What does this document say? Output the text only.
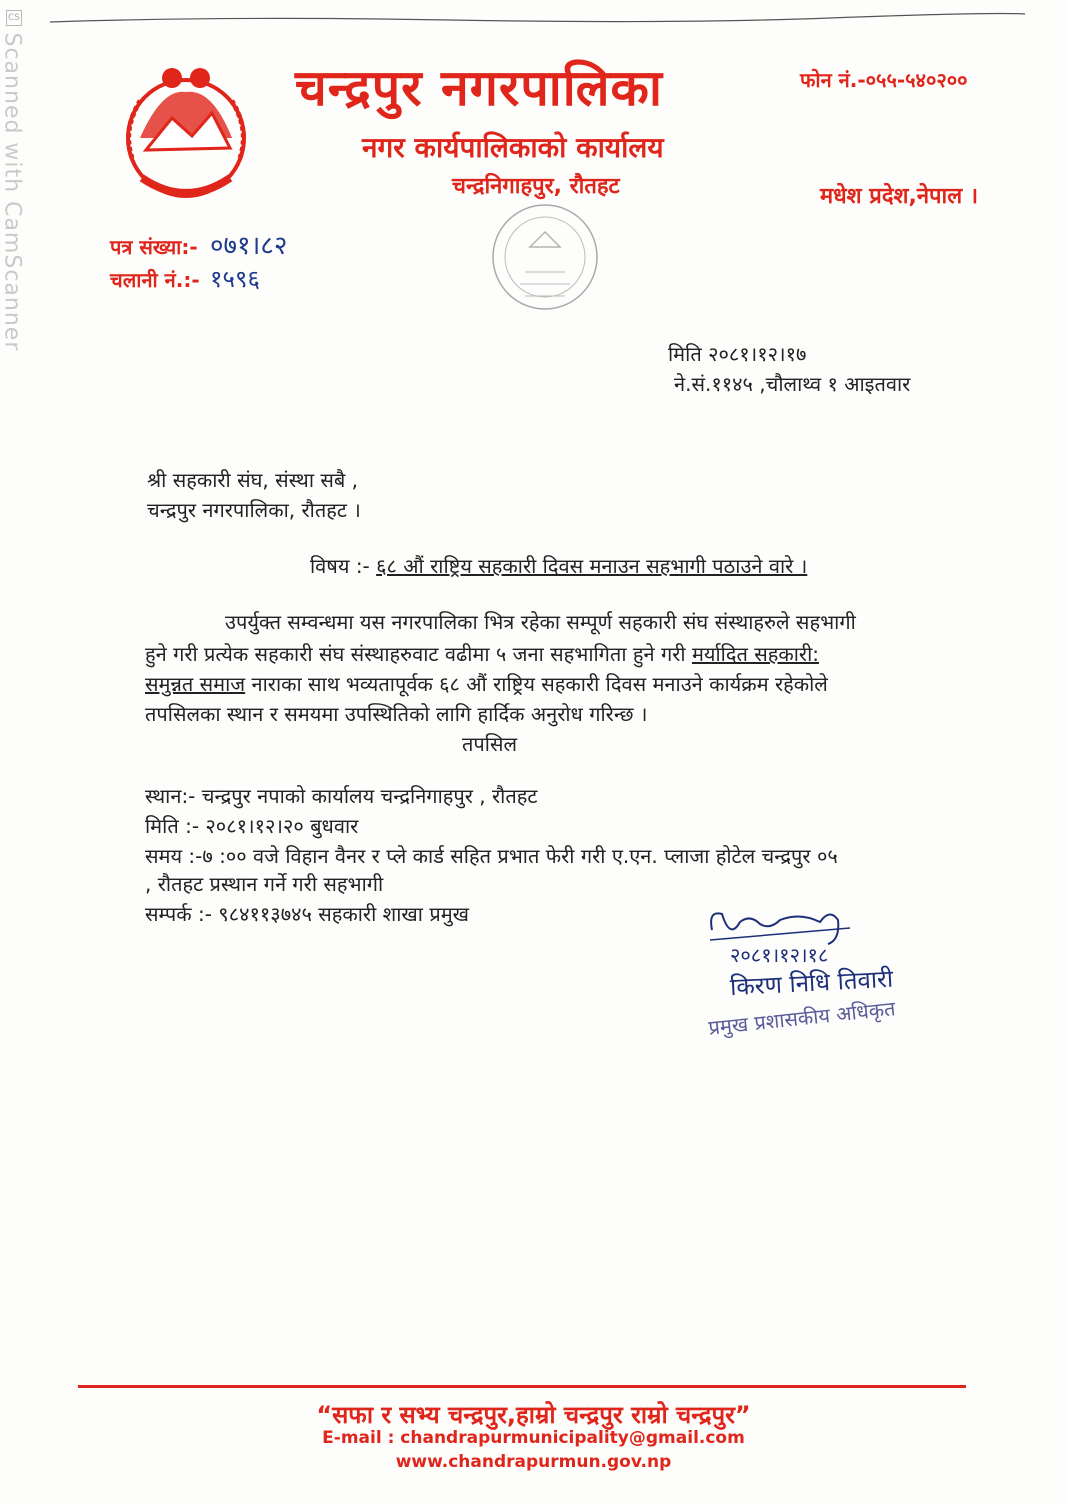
CS
Scanned with CamScanner	चन्द्रपुर नगरपालिका
नगर कार्यपालिकाको कार्यालय
चन्द्रनिगाहपुर, रौतहट
फोन नं.-०५५-५४०२००
मधेश प्रदेश,नेपाल ।
पत्र संख्या:- ०७१।८२
चलानी नं.:- १५९६
मिति २०८१।१२।१७
ने.सं.११४५ ,चौलाथ्व १ आइतवार
श्री सहकारी संघ, संस्था सबै ,
चन्द्रपुर नगरपालिका, रौतहट ।
विषय :- ६८ औं राष्ट्रिय सहकारी दिवस मनाउन सहभागी पठाउने वारे ।
उपर्युक्त सम्वन्धमा यस नगरपालिका भित्र रहेका सम्पूर्ण सहकारी संघ संस्थाहरुले सहभागी
हुने गरी प्रत्येक सहकारी संघ संस्थाहरुवाट वढीमा ५ जना सहभागिता हुने गरी मर्यादित सहकारी:
समुन्नत समाज नाराका साथ भव्यतापूर्वक ६८ औं राष्ट्रिय सहकारी दिवस मनाउने कार्यक्रम रहेकोले
तपसिलका स्थान र समयमा उपस्थितिको लागि हार्दिक अनुरोध गरिन्छ ।
तपसिल
स्थान:- चन्द्रपुर नपाको कार्यालय चन्द्रनिगाहपुर , रौतहट
मिति :- २०८१।१२।२० बुधवार
समय :-७ :०० वजे विहान वैनर र प्ले कार्ड सहित प्रभात फेरी गरी ए.एन. प्लाजा होटेल चन्द्रपुर ०५
, रौतहट प्रस्थान गर्ने गरी सहभागी
सम्पर्क :- ९८४११३७४५ सहकारी शाखा प्रमुख
२०८१।१२।१८
किरण निधि तिवारी
प्रमुख प्रशासकीय अधिकृत
“सफा र सभ्य चन्द्रपुर,हाम्रो चन्द्रपुर राम्रो चन्द्रपुर”
E-mail : chandrapurmunicipality@gmail.com
www.chandrapurmun.gov.np
